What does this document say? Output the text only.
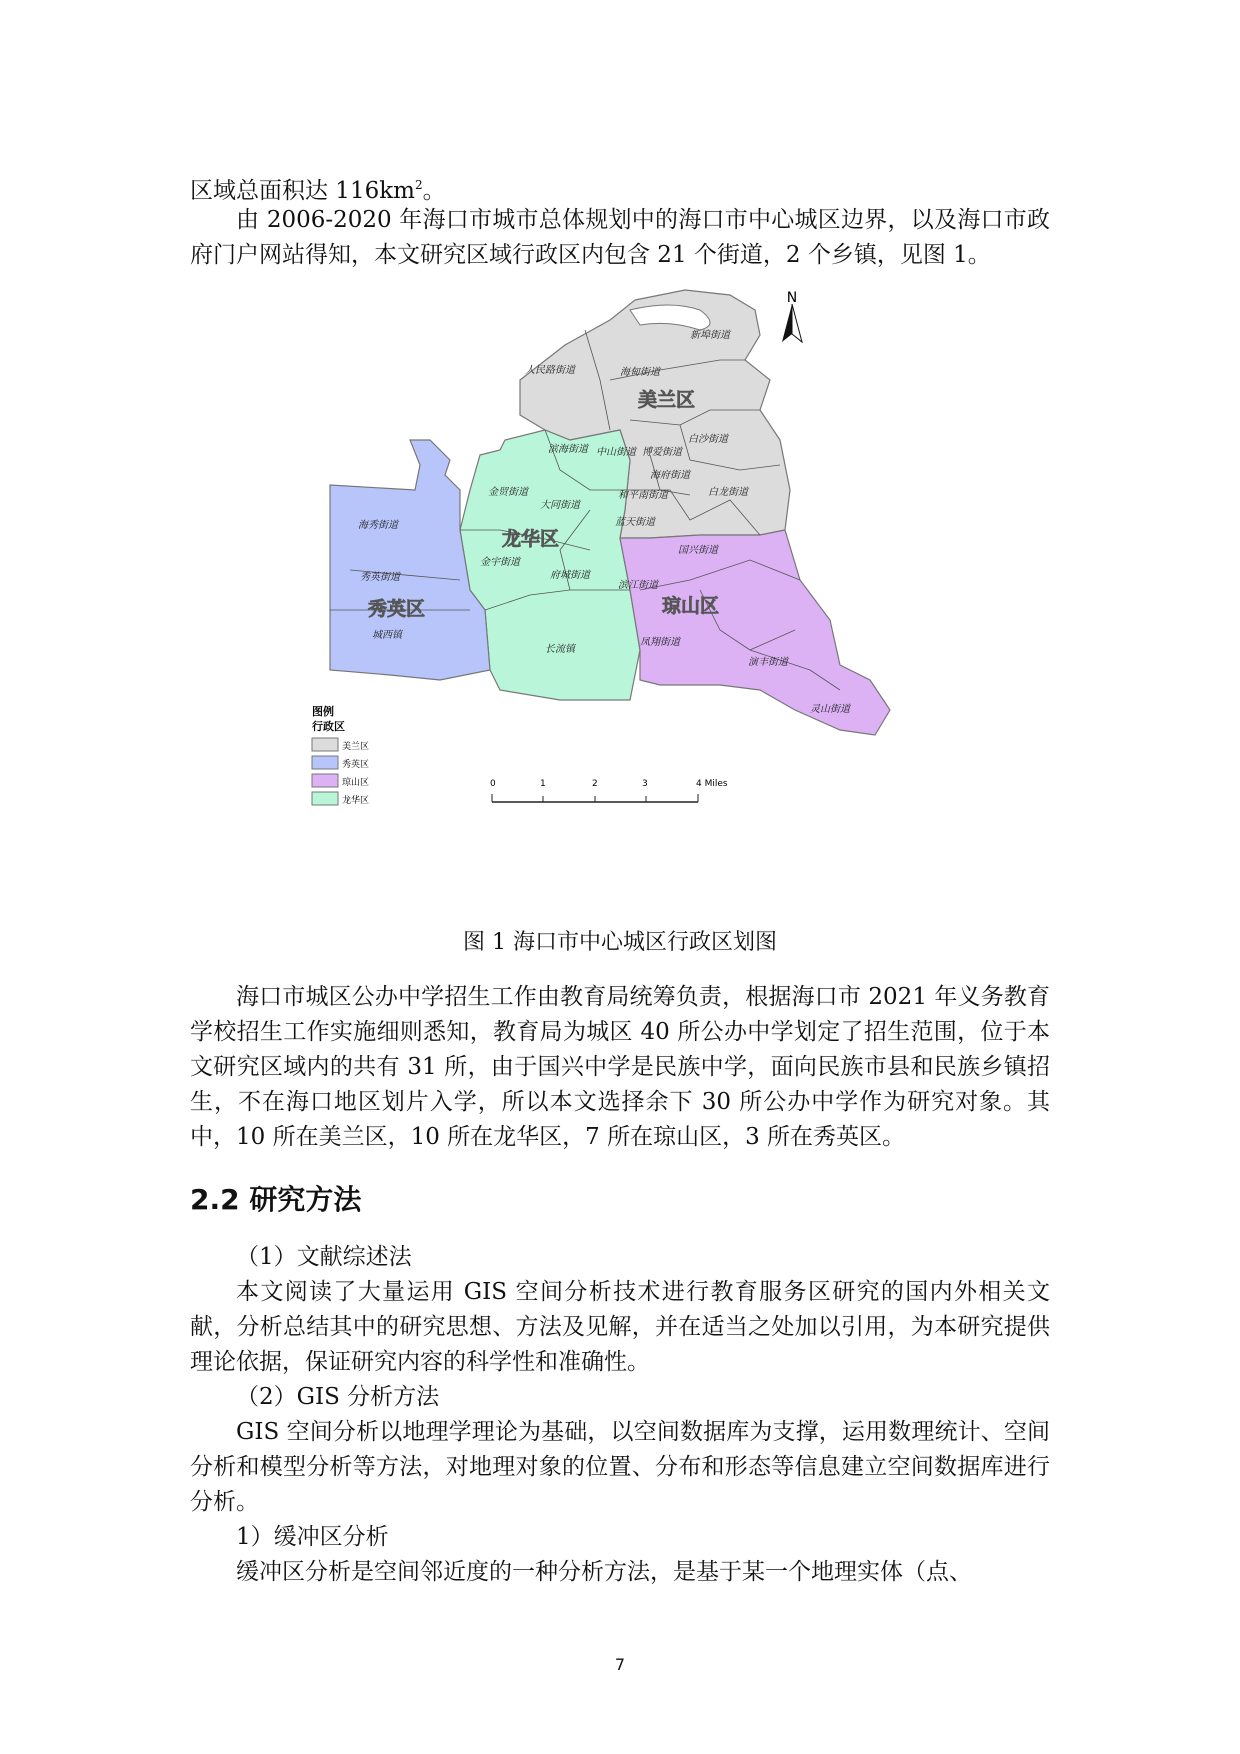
区域总面积达 $116km^2$。

由 2006-2020 年海口市城市总体规划中的海口市中心城区边界，以及海口市政府门户网站得知，本文研究区域行政区内包含 21 个街道，2 个乡镇，见图 1。

人民路街道	海甸街道
新埠街道
白沙街道
滨海街道 中山街道 博爱街道
海府街道
白龙街道
和平南街道
金贸街道
大同街道
蓝天街道
海秀街道
秀英街道
城西镇
金宇街道
府城街道
国兴街道
滨江街道
凤翔街道
长流镇
演丰街道
灵山街道
美兰区
龙华区
秀英区	琼山区
N
图例
行政区
美兰区
秀英区
琼山区
龙华区
0	1	2	3	4 Miles
图 1 海口市中心城区行政区划图

海口市城区公办中学招生工作由教育局统筹负责，根据海口市 2021 年义务教育学校招生工作实施细则悉知，教育局为城区 40 所公办中学划定了招生范围，位于本文研究区域内的共有 31 所，由于国兴中学是民族中学，面向民族市县和民族乡镇招生，不在海口地区划片入学，所以本文选择余下 30 所公办中学作为研究对象。其中，10 所在美兰区，10 所在龙华区，7 所在琼山区，3 所在秀英区。

2.2 研究方法

（1）文献综述法

本文阅读了大量运用 GIS 空间分析技术进行教育服务区研究的国内外相关文献，分析总结其中的研究思想、方法及见解，并在适当之处加以引用，为本研究提供理论依据，保证研究内容的科学性和准确性。

（2）GIS 分析方法

GIS 空间分析以地理学理论为基础，以空间数据库为支撑，运用数理统计、空间分析和模型分析等方法，对地理对象的位置、分布和形态等信息建立空间数据库进行分析。

1）缓冲区分析

缓冲区分析是空间邻近度的一种分析方法，是基于某一个地理实体（点、

7
